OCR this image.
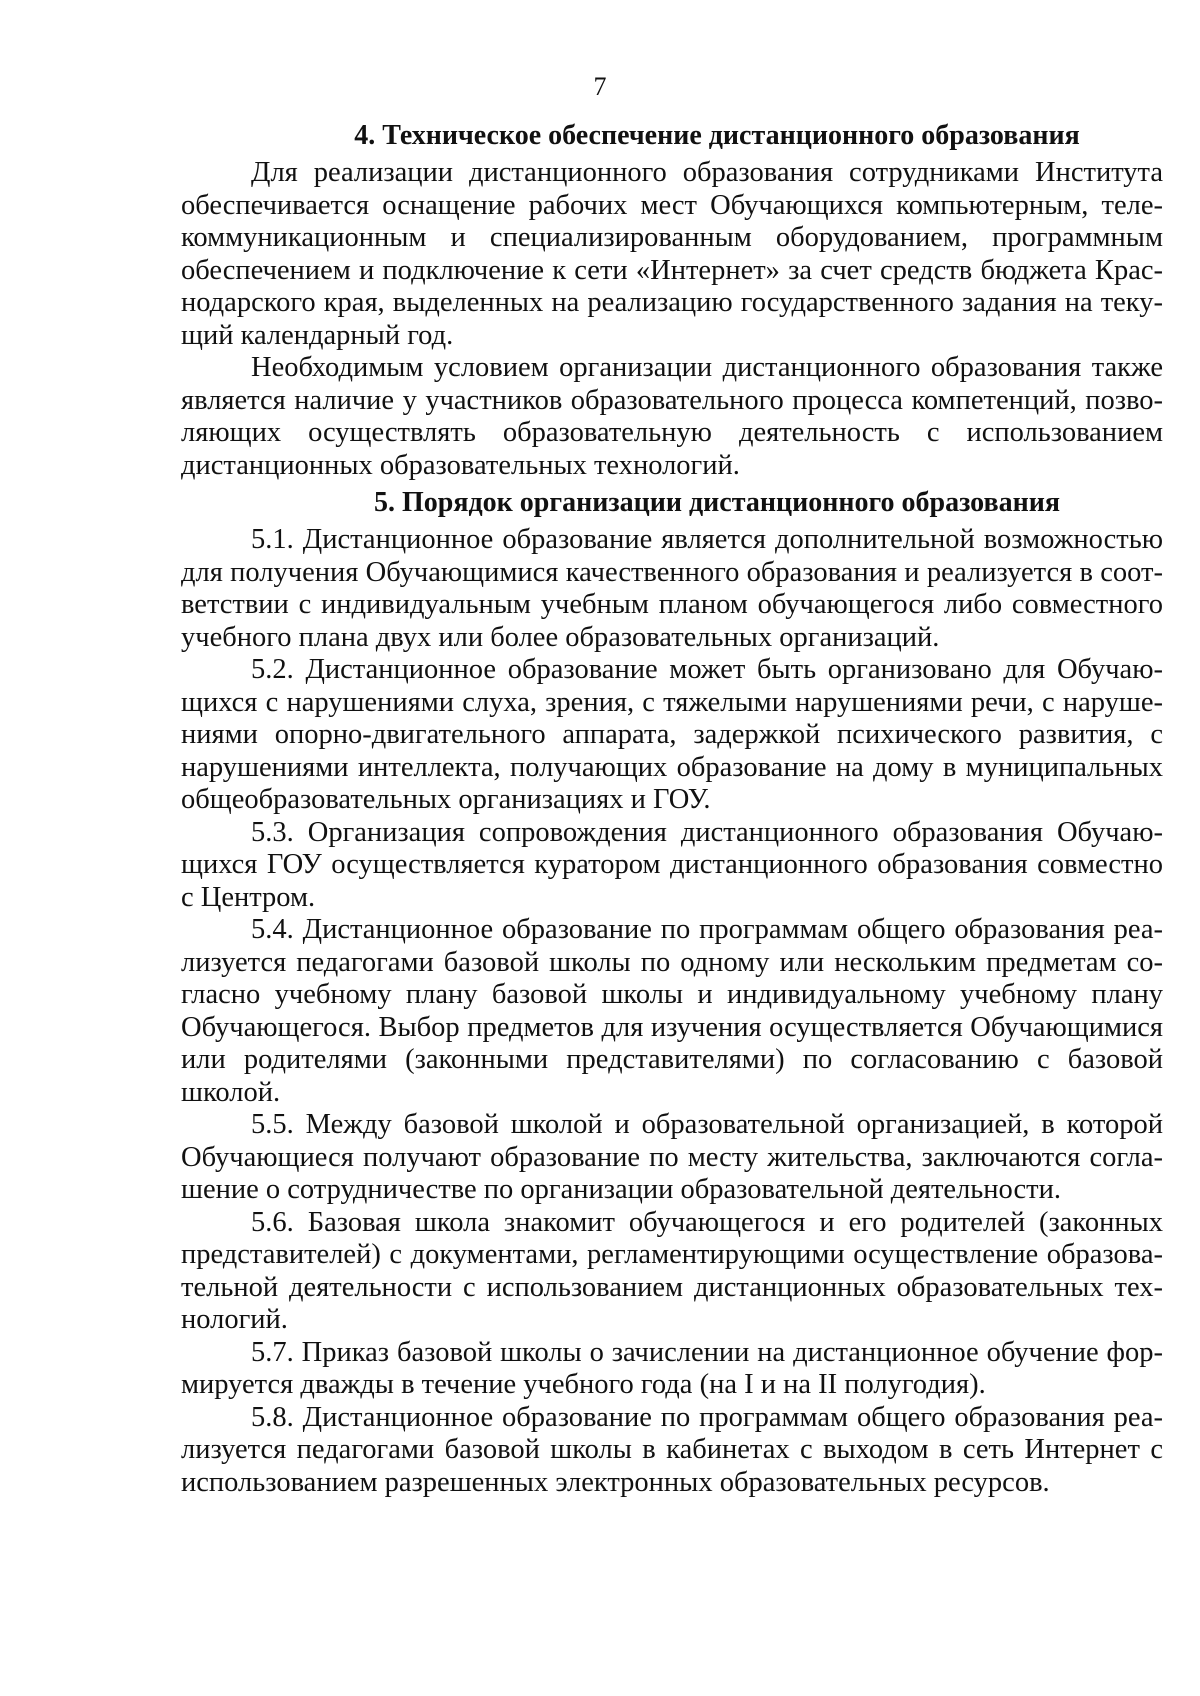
7
4. Техническое обеспечение дистанционного образования

Для реализации дистанционного образования сотрудниками Института обеспечивается оснащение рабочих мест Обучающихся компьютерным, телекоммуникационным и специализированным оборудованием, программным обеспечением и подключение к сети «Интернет» за счет средств бюджета Краснодарского края, выделенных на реализацию государственного задания на текущий календарный год.

Необходимым условием организации дистанционного образования также является наличие у участников образовательного процесса компетенций, позволяющих осуществлять образовательную деятельность с использованием дистанционных образовательных технологий.

5. Порядок организации дистанционного образования

5.1. Дистанционное образование является дополнительной возможностью для получения Обучающимися качественного образования и реализуется в соответствии с индивидуальным учебным планом обучающегося либо совместного учебного плана двух или более образовательных организаций.

5.2. Дистанционное образование может быть организовано для Обучающихся с нарушениями слуха, зрения, с тяжелыми нарушениями речи, с нарушениями опорно-двигательного аппарата, задержкой психического развития, с нарушениями интеллекта, получающих образование на дому в муниципальных общеобразовательных организациях и ГОУ.

5.3. Организация сопровождения дистанционного образования Обучающихся ГОУ осуществляется куратором дистанционного образования совместно с Центром.

5.4. Дистанционное образование по программам общего образования реализуется педагогами базовой школы по одному или нескольким предметам согласно учебному плану базовой школы и индивидуальному учебному плану Обучающегося. Выбор предметов для изучения осуществляется Обучающимися или родителями (законными представителями) по согласованию с базовой школой.

5.5. Между базовой школой и образовательной организацией, в которой Обучающиеся получают образование по месту жительства, заключаются соглашение о сотрудничестве по организации образовательной деятельности.

5.6. Базовая школа знакомит обучающегося и его родителей (законных представителей) с документами, регламентирующими осуществление образовательной деятельности с использованием дистанционных образовательных технологий.

5.7. Приказ базовой школы о зачислении на дистанционное обучение формируется дважды в течение учебного года (на I и на II полугодия).

5.8. Дистанционное образование по программам общего образования реализуется педагогами базовой школы в кабинетах с выходом в сеть Интернет с использованием разрешенных электронных образовательных ресурсов.
